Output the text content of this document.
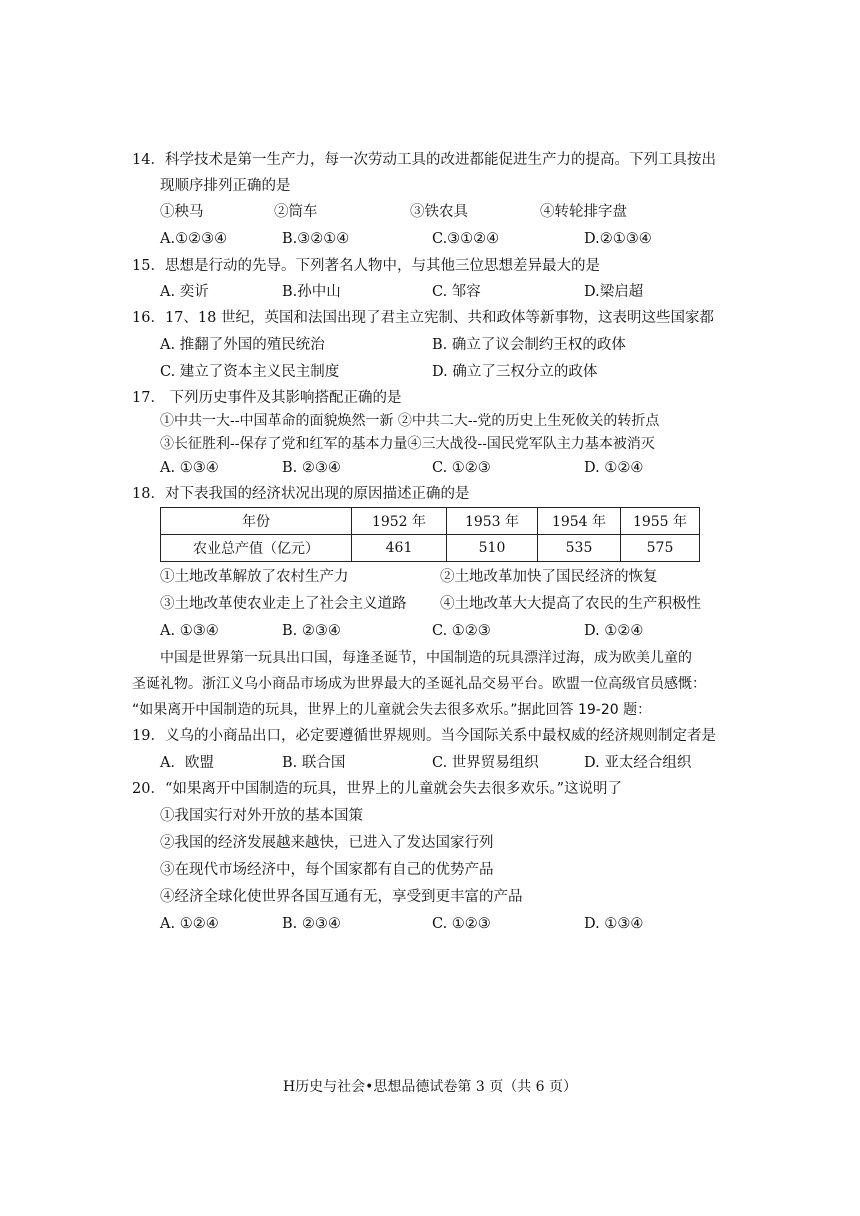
14．科学技术是第一生产力，每一次劳动工具的改进都能促进生产力的提高。下列工具按出
现顺序排列正确的是
①秧马	②筒车	③铁农具	④转轮排字盘
A.①②③④	B.③②①④	C.③①②④	D.②①③④
15．思想是行动的先导。下列著名人物中，与其他三位思想差异最大的是
A. 奕䜣	B.孙中山	C. 邹容	D.梁启超
16．17、18 世纪，英国和法国出现了君主立宪制、共和政体等新事物，这表明这些国家都
A. 推翻了外国的殖民统治	B. 确立了议会制约王权的政体
C. 建立了资本主义民主制度	D. 确立了三权分立的政体
17． 下列历史事件及其影响搭配正确的是
①中共一大--中国革命的面貌焕然一新 ②中共二大--党的历史上生死攸关的转折点
③长征胜利--保存了党和红军的基本力量④三大战役--国民党军队主力基本被消灭
A. ①③④	B. ②③④	C. ①②③	D. ①②④
18．对下表我国的经济状况出现的原因描述正确的是
年份	1952 年	1953 年	1954 年	1955 年
农业总产值（亿元）	461	510	535	575
①土地改革解放了农村生产力	②土地改革加快了国民经济的恢复
③土地改革使农业走上了社会主义道路 ④土地改革大大提高了农民的生产积极性
A. ①③④	B. ②③④	C. ①②③	D. ①②④
中国是世界第一玩具出口国，每逢圣诞节，中国制造的玩具漂洋过海，成为欧美儿童的
圣诞礼物。浙江义乌小商品市场成为世界最大的圣诞礼品交易平台。欧盟一位高级官员感慨：
“如果离开中国制造的玩具，世界上的儿童就会失去很多欢乐。”据此回答 19-20 题：
19．义乌的小商品出口，必定要遵循世界规则。当今国际关系中最权威的经济规则制定者是
A．欧盟	B. 联合国	C. 世界贸易组织	D. 亚太经合组织
20．“如果离开中国制造的玩具，世界上的儿童就会失去很多欢乐。”这说明了
①我国实行对外开放的基本国策
②我国的经济发展越来越快，已进入了发达国家行列
③在现代市场经济中，每个国家都有自己的优势产品
④经济全球化使世界各国互通有无，享受到更丰富的产品
A. ①②④	B. ②③④	C. ①②③	D. ①③④
H历史与社会•思想品德试卷第 3 页（共 6 页）
